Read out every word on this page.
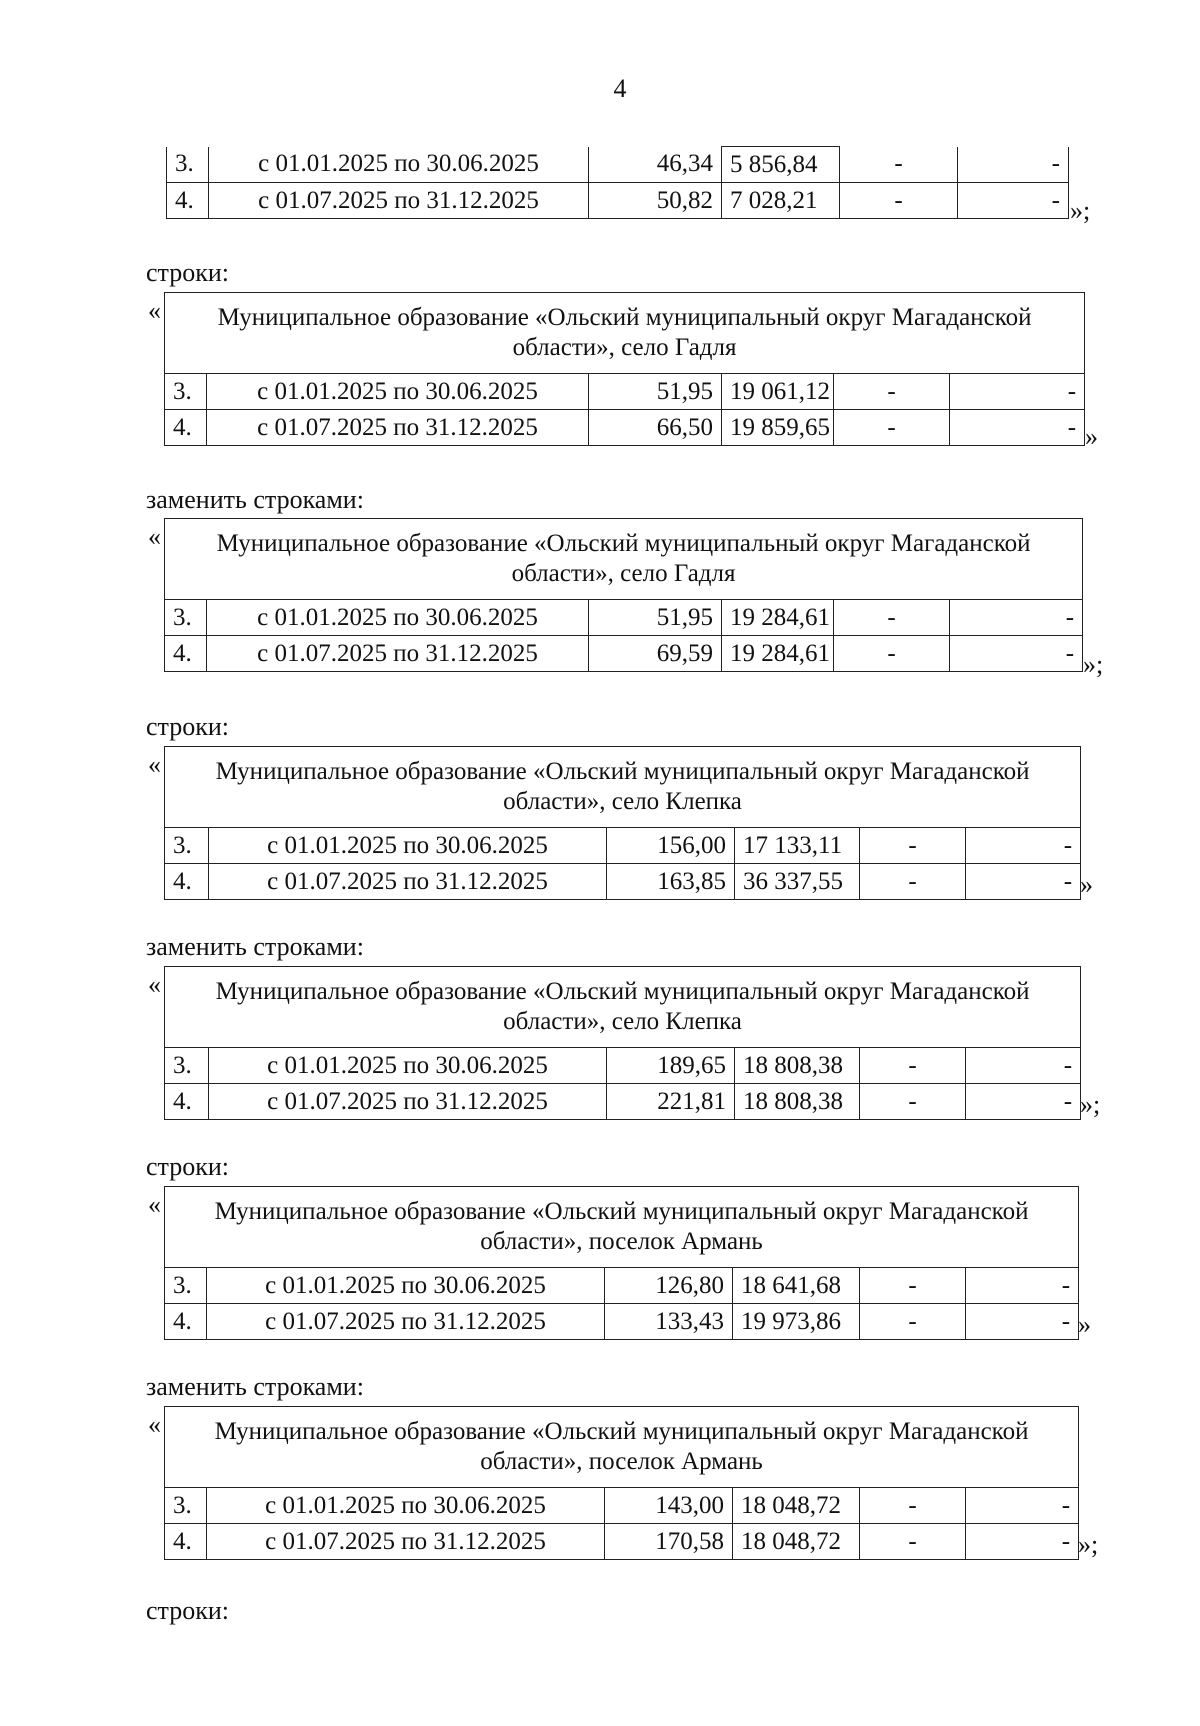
4
3.	с 01.01.2025 по 30.06.2025	46,34	5 856,84	-	-
4.	с 01.07.2025 по 31.12.2025	50,82	7 028,21	-	- »;
строки:
« Муниципальное образование «Ольский муниципальный округ Магаданской области», село Гадля					
3.	с 01.01.2025 по 30.06.2025	51,95	19 061,12	-	-
4.	с 01.07.2025 по 31.12.2025	66,50	19 859,65	-	- »
заменить строками:
« Муниципальное образование «Ольский муниципальный округ Магаданской области», село Гадля					
3.	с 01.01.2025 по 30.06.2025	51,95	19 284,61	-	-
4.	с 01.07.2025 по 31.12.2025	69,59	19 284,61	-	- »;
строки:
« Муниципальное образование «Ольский муниципальный округ Магаданской области», село Клепка					
3.	с 01.01.2025 по 30.06.2025	156,00	17 133,11	-	-
4.	с 01.07.2025 по 31.12.2025	163,85	36 337,55	-	- »
заменить строками:
« Муниципальное образование «Ольский муниципальный округ Магаданской области», село Клепка					
3.	с 01.01.2025 по 30.06.2025	189,65	18 808,38	-	-
4.	с 01.07.2025 по 31.12.2025	221,81	18 808,38	-	- »;
строки:
« Муниципальное образование «Ольский муниципальный округ Магаданской области», поселок Армань					
3.	с 01.01.2025 по 30.06.2025	126,80	18 641,68	-	-
4.	с 01.07.2025 по 31.12.2025	133,43	19 973,86	-	- »
заменить строками:
« Муниципальное образование «Ольский муниципальный округ Магаданской области», поселок Армань					
3.	с 01.01.2025 по 30.06.2025	143,00	18 048,72	-	-
4.	с 01.07.2025 по 31.12.2025	170,58	18 048,72	-	- »;
строки:
